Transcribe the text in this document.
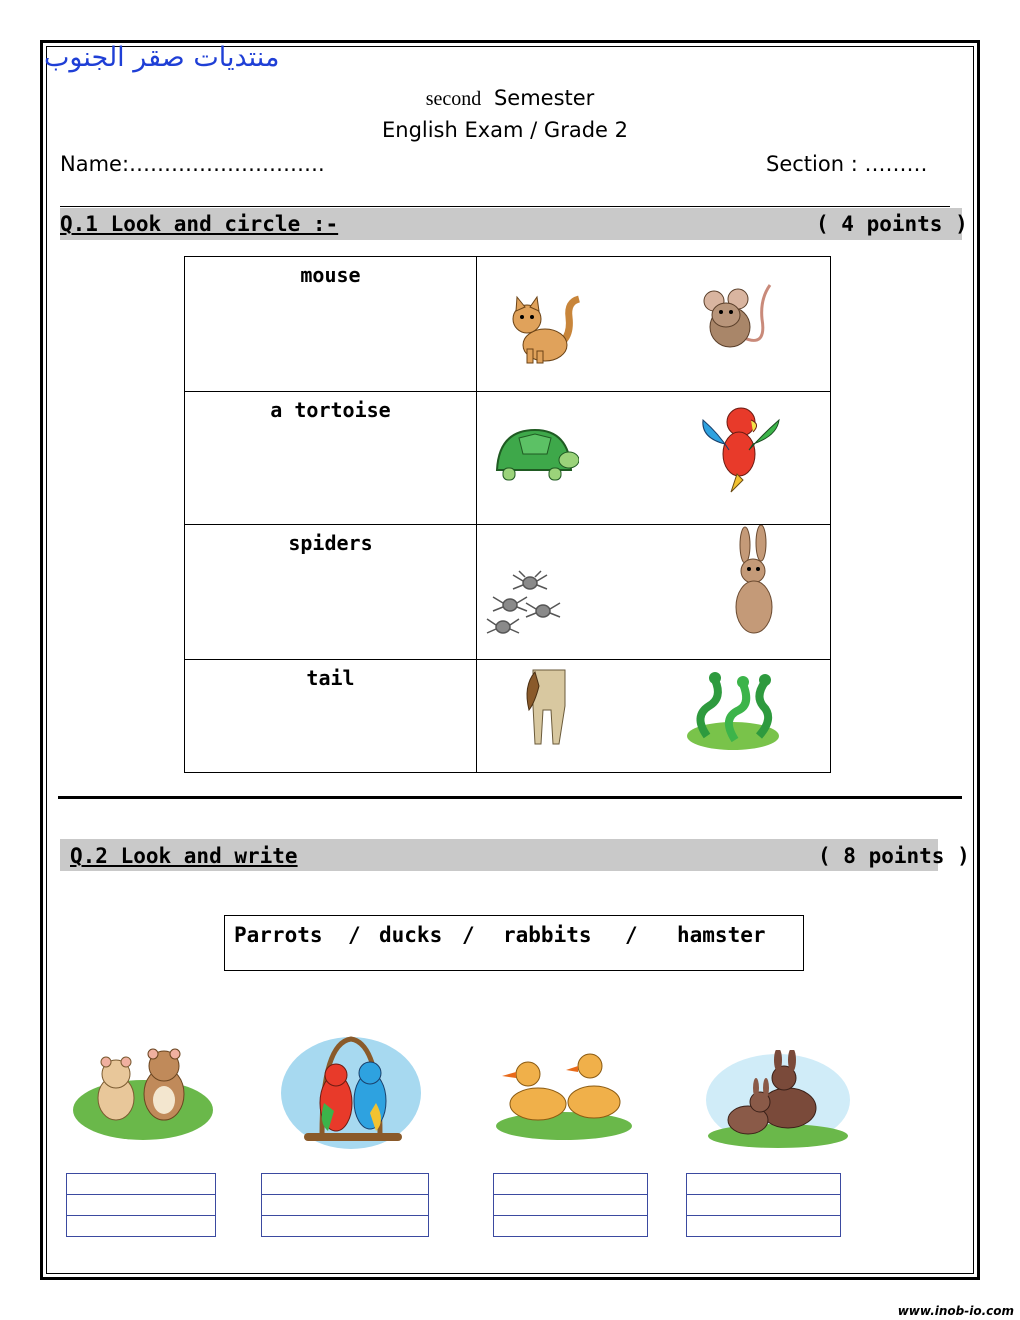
منتديات صقر الجنوب
second Semester
English Exam / Grade 2
Name:……………………….	Section : ………
Q.1 Look and circle :-	( 4 points )
mouse

a tortoise

spiders

tail

Q.2 Look and write	( 8 points )
Parrots / ducks / rabbits / hamster
www.inob-io.com
